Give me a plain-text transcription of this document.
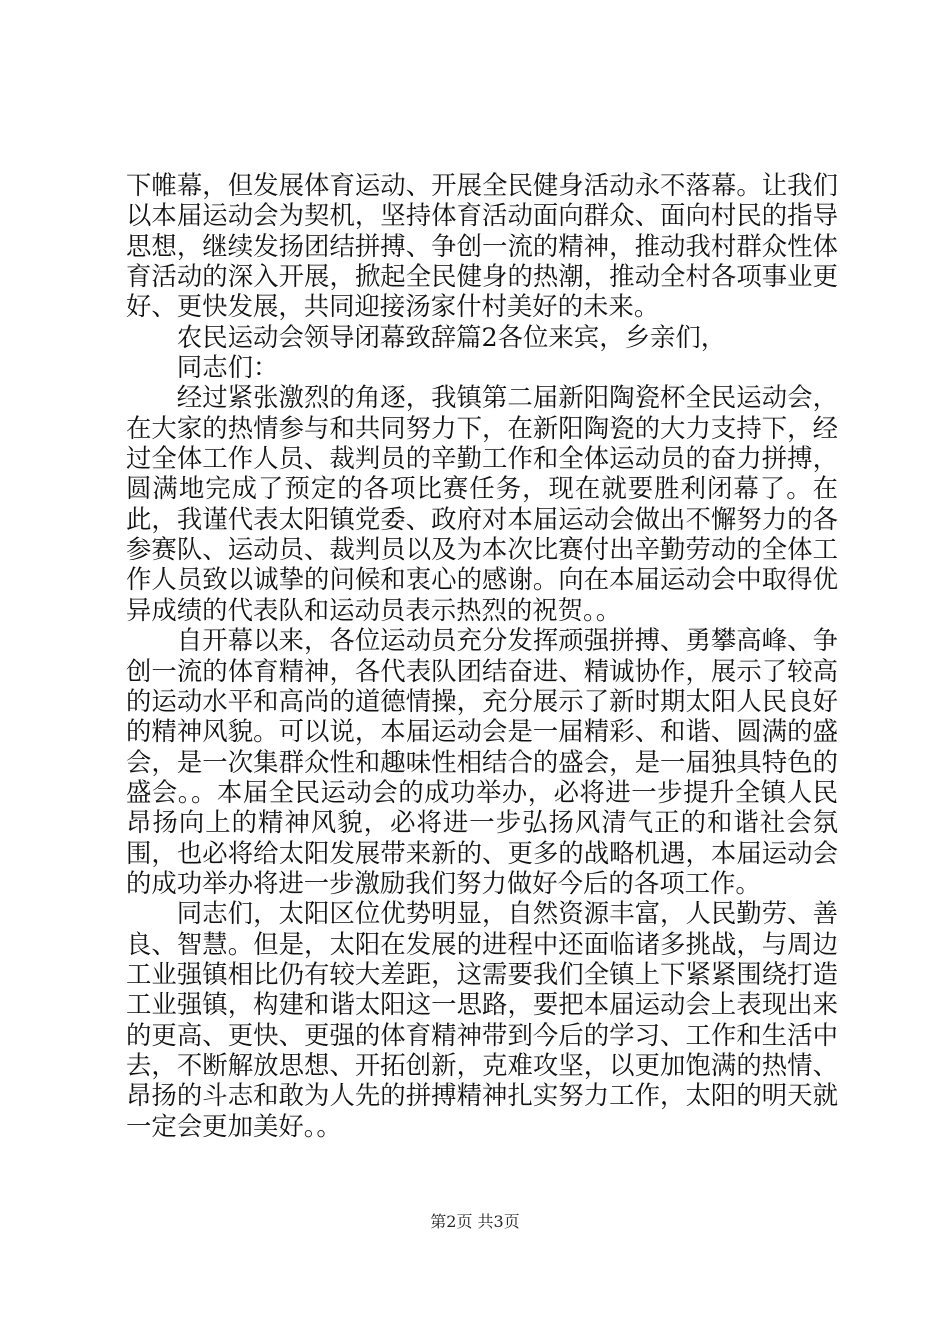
下帷幕，但发展体育运动、开展全民健身活动永不落幕。让我们以本届运动会为契机，坚持体育活动面向群众、面向村民的指导思想，继续发扬团结拼搏、争创一流的精神，推动我村群众性体育活动的深入开展，掀起全民健身的热潮，推动全村各项事业更好、更快发展，共同迎接汤家什村美好的未来。

农民运动会领导闭幕致辞篇2各位来宾，乡亲们，

同志们：

经过紧张激烈的角逐，我镇第二届新阳陶瓷杯全民运动会，在大家的热情参与和共同努力下，在新阳陶瓷的大力支持下，经过全体工作人员、裁判员的辛勤工作和全体运动员的奋力拼搏，圆满地完成了预定的各项比赛任务，现在就要胜利闭幕了。在此，我谨代表太阳镇党委、政府对本届运动会做出不懈努力的各参赛队、运动员、裁判员以及为本次比赛付出辛勤劳动的全体工作人员致以诚挚的问候和衷心的感谢。向在本届运动会中取得优异成绩的代表队和运动员表示热烈的祝贺。。

自开幕以来，各位运动员充分发挥顽强拼搏、勇攀高峰、争创一流的体育精神，各代表队团结奋进、精诚协作，展示了较高的运动水平和高尚的道德情操，充分展示了新时期太阳人民良好的精神风貌。可以说，本届运动会是一届精彩、和谐、圆满的盛会，是一次集群众性和趣味性相结合的盛会，是一届独具特色的盛会。。本届全民运动会的成功举办，必将进一步提升全镇人民昂扬向上的精神风貌，必将进一步弘扬风清气正的和谐社会氛围，也必将给太阳发展带来新的、更多的战略机遇，本届运动会的成功举办将进一步激励我们努力做好今后的各项工作。

同志们，太阳区位优势明显，自然资源丰富，人民勤劳、善良、智慧。但是，太阳在发展的进程中还面临诸多挑战，与周边工业强镇相比仍有较大差距，这需要我们全镇上下紧紧围绕打造工业强镇，构建和谐太阳这一思路，要把本届运动会上表现出来的更高、更快、更强的体育精神带到今后的学习、工作和生活中去，不断解放思想、开拓创新，克难攻坚，以更加饱满的热情、昂扬的斗志和敢为人先的拼搏精神扎实努力工作，太阳的明天就一定会更加美好。。

第2页 共3页
